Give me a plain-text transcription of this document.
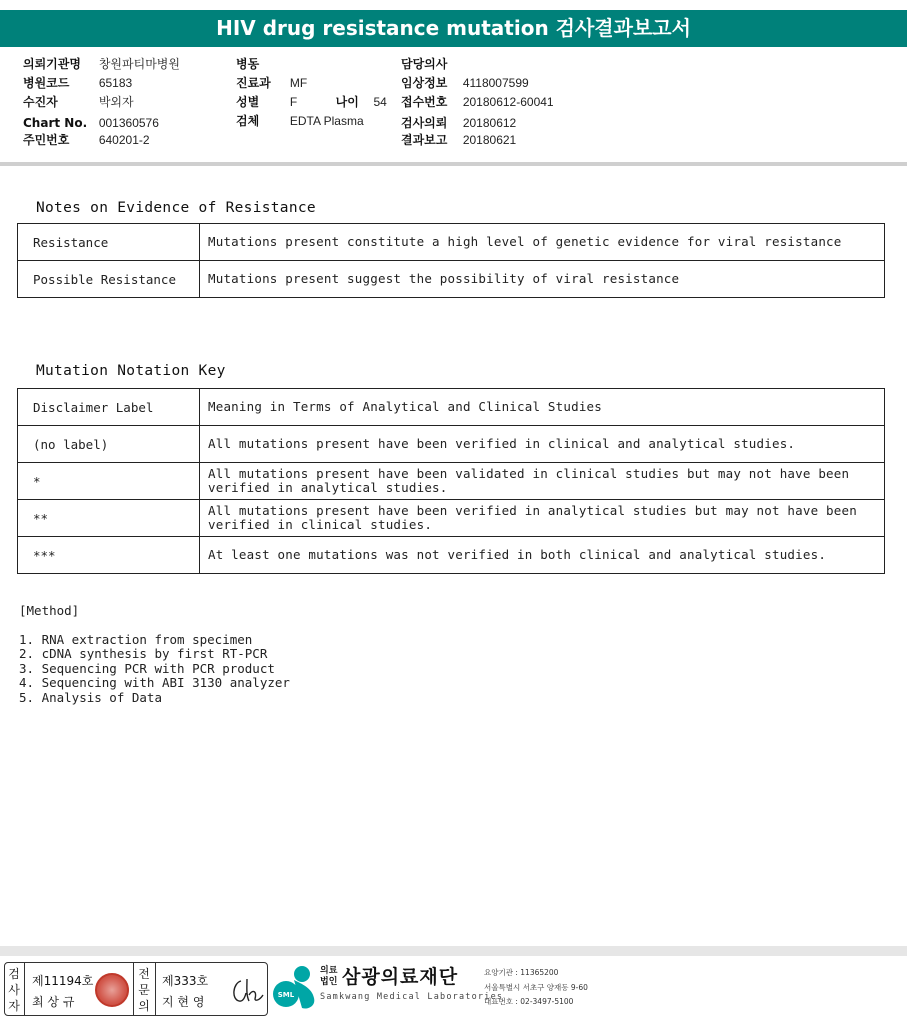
HIV drug resistance mutation 검사결과보고서
의뢰기관명 창원파티마병원
병원코드 65183
수진자	박외자
Chart No. 001360576
주민번호 640201-2
병동
진료과 MF
성별	F	나이 54
검체	EDTA Plasma
담당의사
임상정보 4118007599
접수번호 20180612-60041
검사의뢰 20180612
결과보고 20180621
Notes on Evidence of Resistance
Resistance	Mutations present constitute a high level of genetic evidence for viral resistance
Possible Resistance	Mutations present suggest the possibility of viral resistance
Mutation Notation Key
Disclaimer Label	Meaning in Terms of Analytical and Clinical Studies
(no label)	All mutations present have been verified in clinical and analytical studies.
*	All mutations present have been validated in clinical studies but may not have been verified in analytical studies.
**	All mutations present have been verified in analytical studies but may not have been verified in clinical studies.
***	At least one mutations was not verified in both clinical and analytical studies.
[Method]
1. RNA extraction from specimen
2. cDNA synthesis by first RT-PCR
3. Sequencing PCR with PCR product
4. Sequencing with ABI 3130 analyzer
5. Analysis of Data
검
사
자
제11194호
최 상 규
전
문
의
제333호
지 현 영	SML
의료
법인 삼광의료재단
Samkwang Medical Laboratories
요양기관 : 11365200
서울특별시 서초구 양재동 9-60
대표번호 : 02-3497-5100
